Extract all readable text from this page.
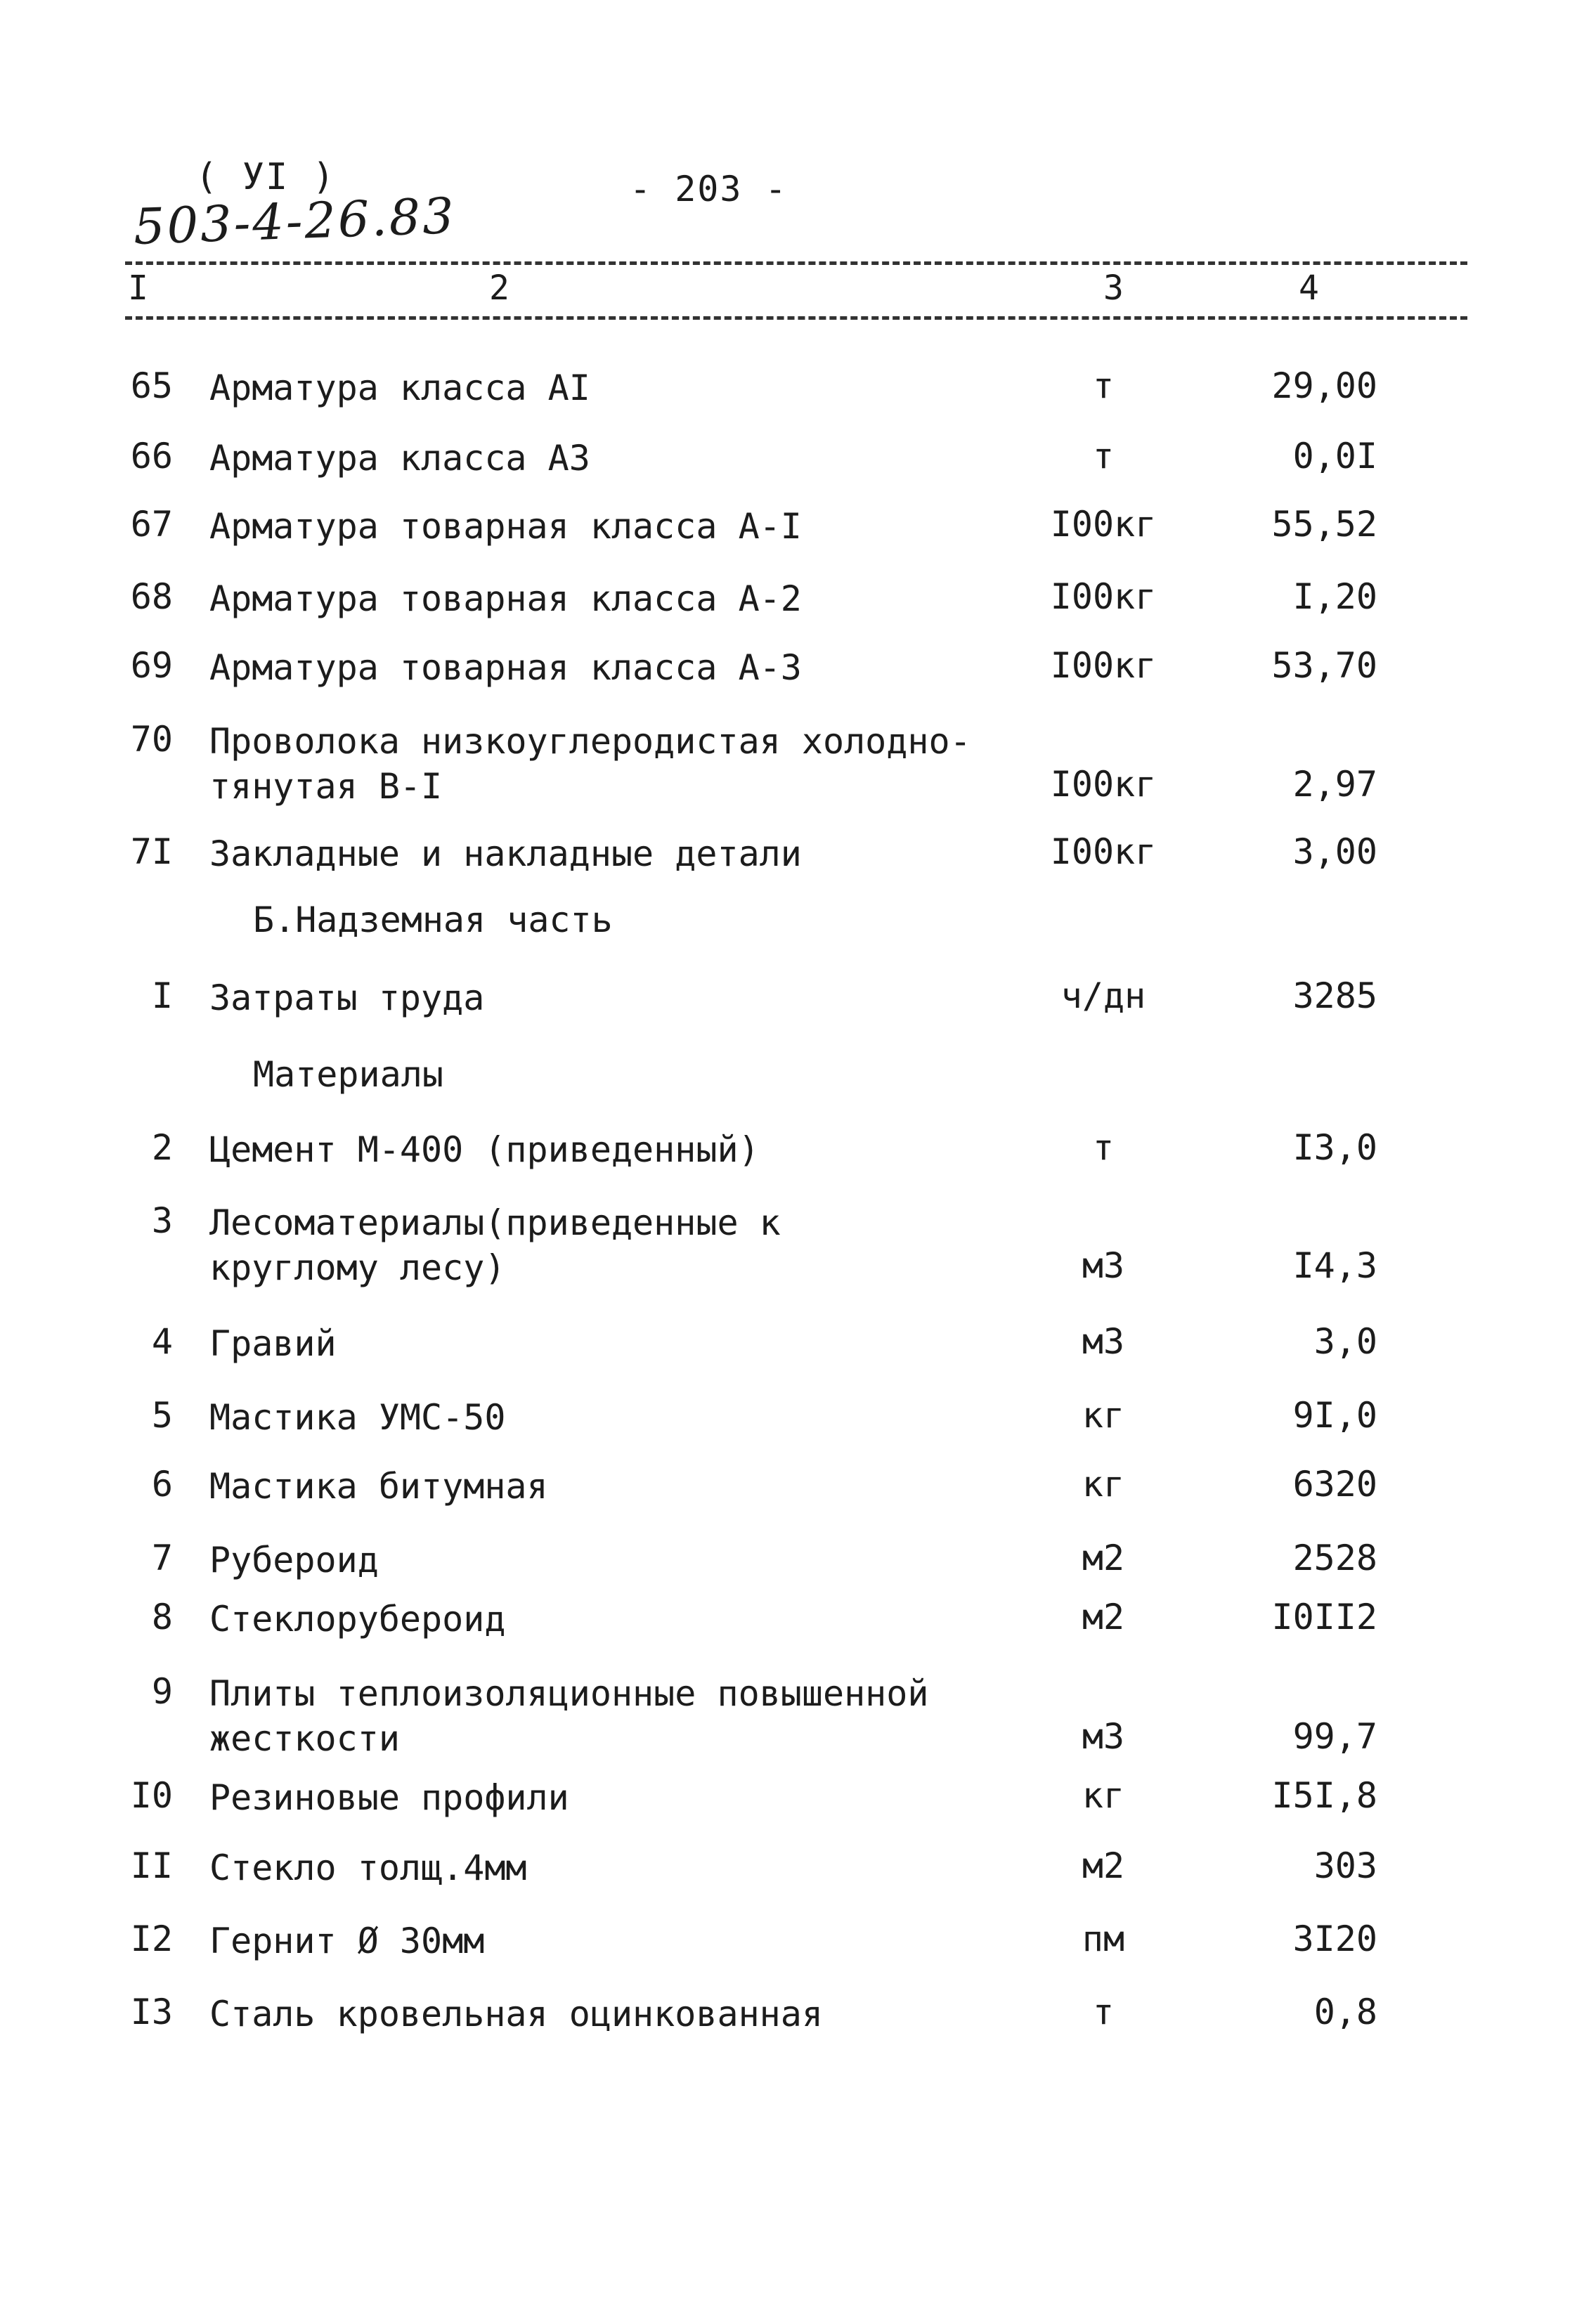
( УI )	- 203 -
503-4-26.83
I	2	3	4
65 Арматура класса АI	т	29,00
66 Арматура класса А3	т	0,0I
67 Арматура товарная класса А-I	I00кг	55,52
68 Арматура товарная класса А-2	I00кг	I,20
69 Арматура товарная класса А-3	I00кг	53,70
70 Проволока низкоуглеродистая холодно-
тянутая В-I	I00кг	2,97
7I Закладные и накладные детали	I00кг	3,00
Б.Надземная часть
I Затраты труда	ч/дн	3285
Материалы
2 Цемент М-400 (приведенный)	т	I3,0
3 Лесоматериалы(приведенные к
круглому лесу)	м3	I4,3
4 Гравий	м3	3,0
5 Мастика УМС-50	кг	9I,0
6 Мастика битумная	кг	6320
7 Рубероид	м2	2528
8 Стеклорубероид	м2	I0II2
9 Плиты теплоизоляционные повышенной
жесткости	м3	99,7
I0 Резиновые профили	кг	I5I,8
II Стекло толщ.4мм	м2	303
I2 Гернит Ø 30мм	пм	3I20
I3 Сталь кровельная оцинкованная	т	0,8
